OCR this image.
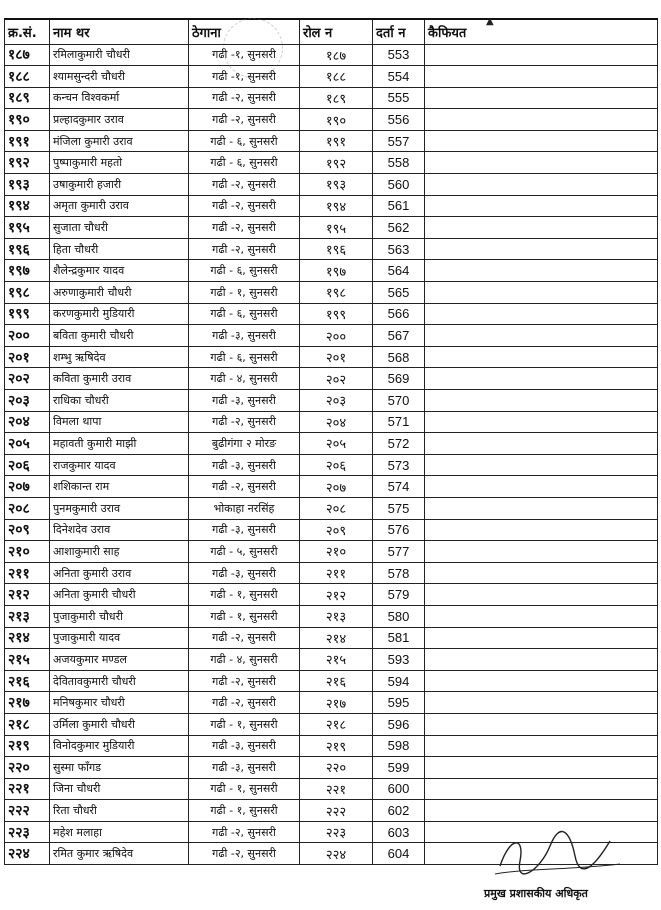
क्र.सं.	नाम थर	ठेगाना	रोल न	दर्ता न	कैफियत
१८७	रमिलाकुमारी चौधरी	गढी -१, सुनसरी	१८७	553	
१८८	श्यामसुन्दरी चौधरी	गढी -१, सुनसरी	१८८	554	
१८९	कन्चन विश्वकर्मा	गढी -२, सुनसरी	१८९	555	
१९०	प्रल्हादकुमार उराव	गढी -२, सुनसरी	१९०	556	
१९१	मंजिला कुमारी उराव	गढी - ६, सुनसरी	१९१	557	
१९२	पुष्पाकुमारी महतो	गढी - ६, सुनसरी	१९२	558	
१९३	उषाकुमारी हजारी	गढी -२, सुनसरी	१९३	560	
१९४	अमृता कुमारी उराव	गढी -२, सुनसरी	१९४	561	
१९५	सुजाता चौधरी	गढी -२, सुनसरी	१९५	562	
१९६	हिता चौधरी	गढी -२, सुनसरी	१९६	563	
१९७	शैलेन्द्रकुमार यादव	गढी - ६, सुनसरी	१९७	564	
१९८	अरुणाकुमारी चौधरी	गढी - १, सुनसरी	१९८	565	
१९९	करणकुमारी मुडियारी	गढी - ६, सुनसरी	१९९	566	
२००	बविता कुमारी चौधरी	गढी -३, सुनसरी	२००	567	
२०१	शम्भु ऋषिदेव	गढी - ६, सुनसरी	२०१	568	
२०२	कविता कुमारी उराव	गढी - ४, सुनसरी	२०२	569	
२०३	राधिका चौधरी	गढी -३, सुनसरी	२०३	570	
२०४	विमला थापा	गढी -२, सुनसरी	२०४	571	
२०५	महावती कुमारी माझी	बुढीगंगा २ मोरङ	२०५	572	
२०६	राजकुमार यादव	गढी -३, सुनसरी	२०६	573	
२०७	शशिकान्त राम	गढी -२, सुनसरी	२०७	574	
२०८	पुनमकुमारी उराव	भोकाहा नरसिंह	२०८	575	
२०९	दिनेशदेव उराव	गढी -३, सुनसरी	२०९	576	
२१०	आशाकुमारी साह	गढी - ५, सुनसरी	२१०	577	
२११	अनिता कुमारी उराव	गढी -३, सुनसरी	२११	578	
२१२	अनिता कुमारी चौधरी	गढी - १, सुनसरी	२१२	579	
२१३	पुजाकुमारी चौधरी	गढी - १, सुनसरी	२१३	580	
२१४	पुजाकुमारी यादव	गढी -२, सुनसरी	२१४	581	
२१५	अजयकुमार मण्डल	गढी - ४, सुनसरी	२१५	593	
२१६	देवितावकुमारी चौधरी	गढी -२, सुनसरी	२१६	594	
२१७	मनिषकुमार चौधरी	गढी -२, सुनसरी	२१७	595	
२१८	उर्मिला कुमारी चौधरी	गढी - १, सुनसरी	२१८	596	
२१९	विनोदकुमार मुडियारी	गढी -३, सुनसरी	२१९	598	
२२०	सुस्मा फाँगड	गढी -३, सुनसरी	२२०	599	
२२१	जिना चौधरी	गढी - १, सुनसरी	२२१	600	
२२२	रिता चौधरी	गढी - १, सुनसरी	२२२	602	
२२३	महेश मलाहा	गढी -२, सुनसरी	२२३	603	
२२४	रमित कुमार ऋषिदेव	गढी -२, सुनसरी	२२४	604	
▲
प्रमुख प्रशासकीय अधिकृत
